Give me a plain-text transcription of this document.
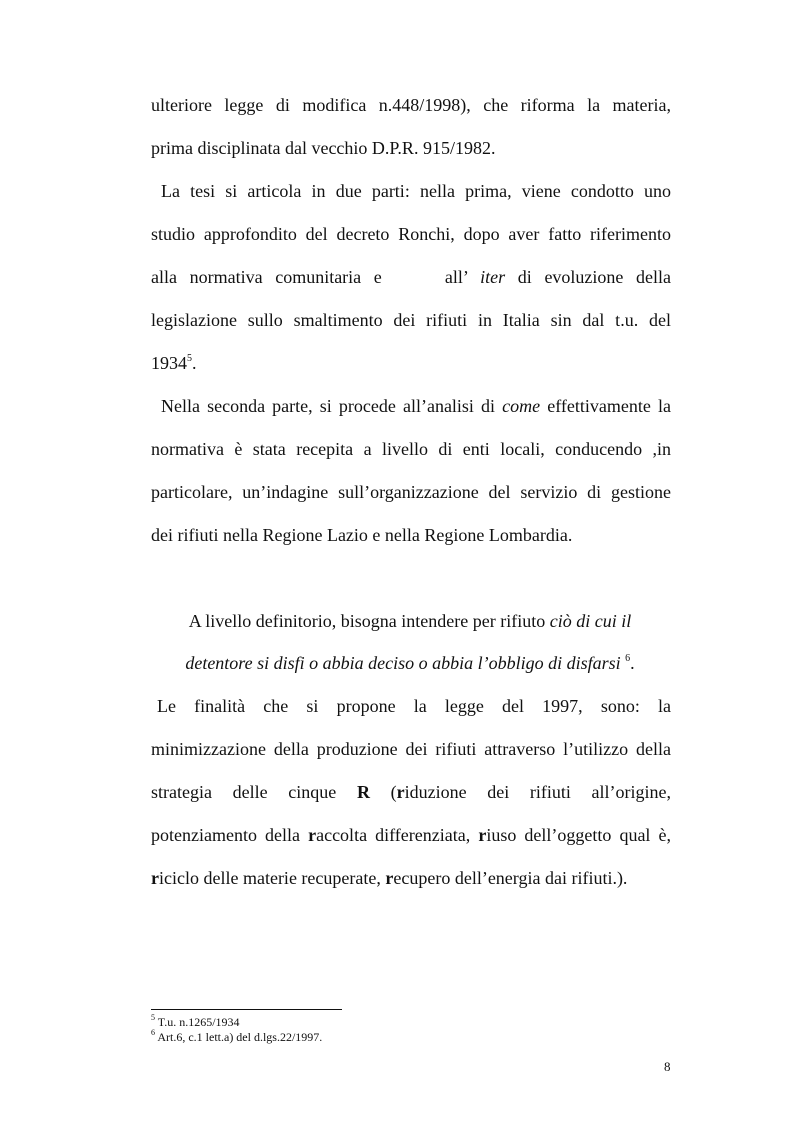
ulteriore legge di modifica n.448/1998), che riforma la materia,
prima disciplinata dal vecchio D.P.R. 915/1982.
La tesi si articola in due parti: nella prima, viene condotto uno
studio approfondito del decreto Ronchi, dopo aver fatto riferimento
alla normativa comunitaria e	all’ iter di evoluzione della
legislazione sullo smaltimento dei rifiuti in Italia sin dal t.u. del
1934$^5$.
Nella seconda parte, si procede all’analisi di come effettivamente la
normativa è stata recepita a livello di enti locali, conducendo ,in
particolare, un’indagine sull’organizzazione del servizio di gestione
dei rifiuti nella Regione Lazio e nella Regione Lombardia.
A livello definitorio, bisogna intendere per rifiuto ciò di cui il
detentore si disfi o abbia deciso o abbia l’obbligo di disfarsi $^6$.
Le finalità che si propone la legge del 1997, sono: la
minimizzazione della produzione dei rifiuti attraverso l’utilizzo della
strategia delle cinque R (riduzione dei rifiuti all’origine,
potenziamento della raccolta differenziata, riuso dell’oggetto qual è,
riciclo delle materie recuperate, recupero dell’energia dai rifiuti.).
$^5$ T.u. n.1265/1934
$^6$ Art.6, c.1 lett.a) del d.lgs.22/1997.
8
